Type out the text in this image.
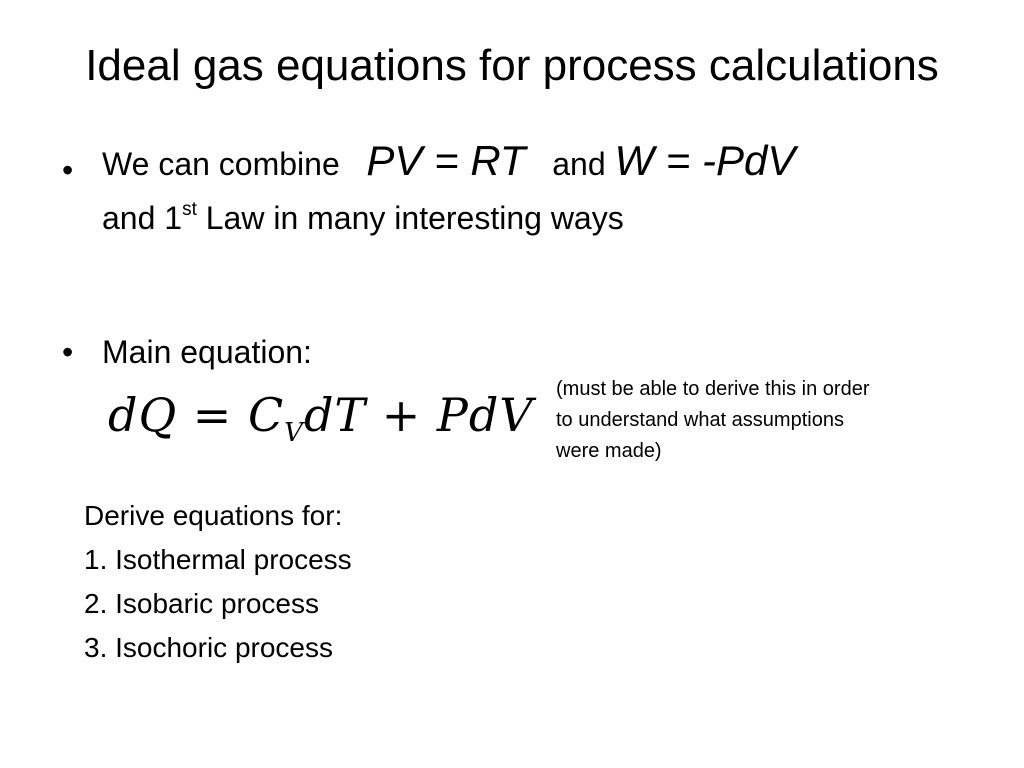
Ideal gas equations for process calculations
• We can combine PV = RT and W = -PdV
and 1st Law in many interesting ways
• Main equation:
dQ = $C_VdT$ + PdV (must be able to derive this in order
to understand what assumptions
were made)
Derive equations for:
1. Isothermal process
2. Isobaric process
3. Isochoric process
